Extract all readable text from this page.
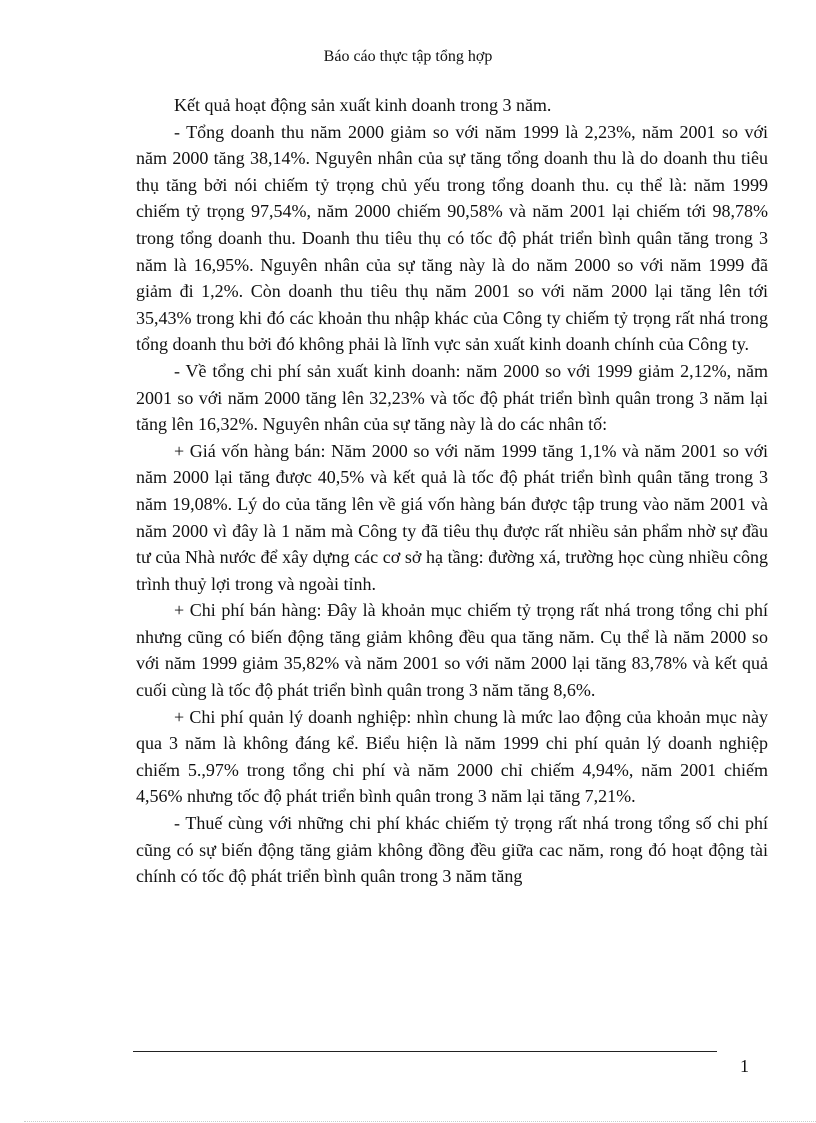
Báo cáo thực tập tổng hợp

Kết quả hoạt động sản xuất kinh doanh trong 3 năm.

- Tổng doanh thu năm 2000 giảm so với năm 1999 là 2,23%, năm 2001 so với năm 2000 tăng 38,14%. Nguyên nhân của sự tăng tổng doanh thu là do doanh thu tiêu thụ tăng bởi nói chiếm tỷ trọng chủ yếu trong tổng doanh thu. cụ thể là: năm 1999 chiếm tỷ trọng 97,54%, năm 2000 chiếm 90,58% và năm 2001 lại chiếm tới 98,78% trong tổng doanh thu. Doanh thu tiêu thụ có tốc độ phát triển bình quân tăng trong 3 năm là 16,95%. Nguyên nhân của sự tăng này là do năm 2000 so với năm 1999 đã giảm đi 1,2%. Còn doanh thu tiêu thụ năm 2001 so với năm 2000 lại tăng lên tới 35,43% trong khi đó các khoản thu nhập khác của Công ty chiếm tỷ trọng rất nhá trong tổng doanh thu bởi đó không phải là lĩnh vực sản xuất kinh doanh chính của Công ty.

- Về tổng chi phí sản xuất kinh doanh: năm 2000 so với 1999 giảm 2,12%, năm 2001 so với năm 2000 tăng lên 32,23% và tốc độ phát triển bình quân trong 3 năm lại tăng lên 16,32%. Nguyên nhân của sự tăng này là do các nhân tố:

+ Giá vốn hàng bán: Năm 2000 so với năm 1999 tăng 1,1% và năm 2001 so với năm 2000 lại tăng được 40,5% và kết quả là tốc độ phát triển bình quân tăng trong 3 năm 19,08%. Lý do của tăng lên về giá vốn hàng bán được tập trung vào năm 2001 và năm 2000 vì đây là 1 năm mà Công ty đã tiêu thụ được rất nhiều sản phẩm nhờ sự đầu tư của Nhà nước để xây dựng các cơ sở hạ tầng: đường xá, trường học cùng nhiều công trình thuỷ lợi trong và ngoài tỉnh.

+ Chi phí bán hàng: Đây là khoản mục chiếm tỷ trọng rất nhá trong tổng chi phí nhưng cũng có biến động tăng giảm không đều qua tăng năm. Cụ thể là năm 2000 so với năm 1999 giảm 35,82% và năm 2001 so với năm 2000 lại tăng 83,78% và kết quả cuối cùng là tốc độ phát triển bình quân trong 3 năm tăng 8,6%.

+ Chi phí quản lý doanh nghiệp: nhìn chung là mức lao động của khoản mục này qua 3 năm là không đáng kể. Biểu hiện là năm 1999 chi phí quản lý doanh nghiệp chiếm 5.,97% trong tổng chi phí và năm 2000 chỉ chiếm 4,94%, năm 2001 chiếm 4,56% nhưng tốc độ phát triển bình quân trong 3 năm lại tăng 7,21%.

- Thuế cùng với những chi phí khác chiếm tỷ trọng rất nhá trong tổng số chi phí cũng có sự biến động tăng giảm không đồng đều giữa cac năm, rong đó hoạt động tài chính có tốc độ phát triển bình quân trong 3 năm tăng

1
